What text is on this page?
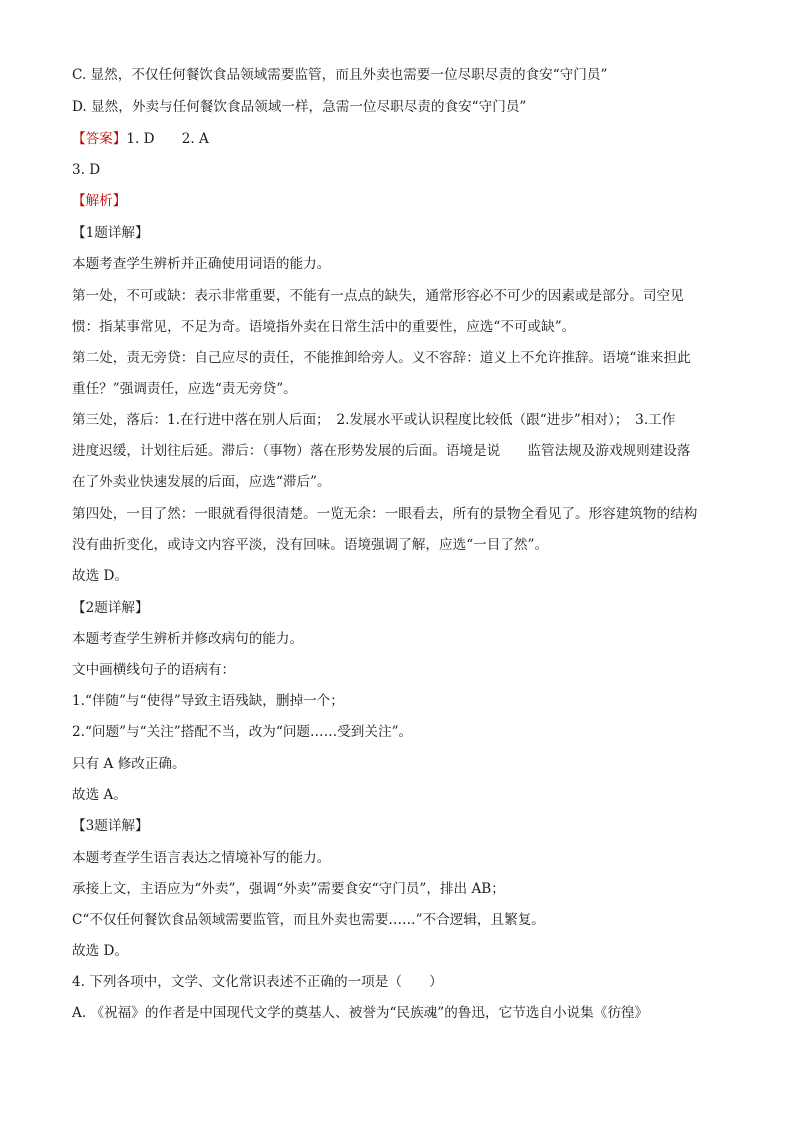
C. 显然，不仅任何餐饮食品领域需要监管，而且外卖也需要一位尽职尽责的食安“守门员”
D. 显然，外卖与任何餐饮食品领域一样，急需一位尽职尽责的食安“守门员”
【答案】1. D　　2. A
3. D
【解析】
【1题详解】
本题考查学生辨析并正确使用词语的能力。
第一处，不可或缺：表示非常重要，不能有一点点的缺失，通常形容必不可少的因素或是部分。司空见
惯：指某事常见，不足为奇。语境指外卖在日常生活中的重要性，应选“不可或缺”。
第二处，责无旁贷：自己应尽的责任，不能推卸给旁人。义不容辞：道义上不允许推辞。语境“谁来担此
重任？”强调责任，应选“责无旁贷”。
第三处，落后：1.在行进中落在别人后面；　2.发展水平或认识程度比较低（跟“进步”相对）；　3.工作
进度迟缓，计划往后延。滞后：（事物）落在形势发展的后面。语境是说　　监管法规及游戏规则建设落
在了外卖业快速发展的后面，应选“滞后”。
第四处，一目了然：一眼就看得很清楚。一览无余：一眼看去，所有的景物全看见了。形容建筑物的结构
没有曲折变化，或诗文内容平淡，没有回味。语境强调了解，应选“一目了然”。
故选 D。
【2题详解】
本题考查学生辨析并修改病句的能力。
文中画横线句子的语病有：
1.“伴随”与“使得”导致主语残缺，删掉一个；
2.“问题”与“关注”搭配不当，改为“问题……受到关注”。
只有 A 修改正确。
故选 A。
【3题详解】
本题考查学生语言表达之情境补写的能力。
承接上文，主语应为“外卖”，强调“外卖”需要食安“守门员”，排出 AB；
C“不仅任何餐饮食品领域需要监管，而且外卖也需要……”不合逻辑，且繁复。
故选 D。
4. 下列各项中，文学、文化常识表述不正确的一项是（　　）
A. 《祝福》的作者是中国现代文学的奠基人、被誉为“民族魂”的鲁迅，它节选自小说集《彷徨》
